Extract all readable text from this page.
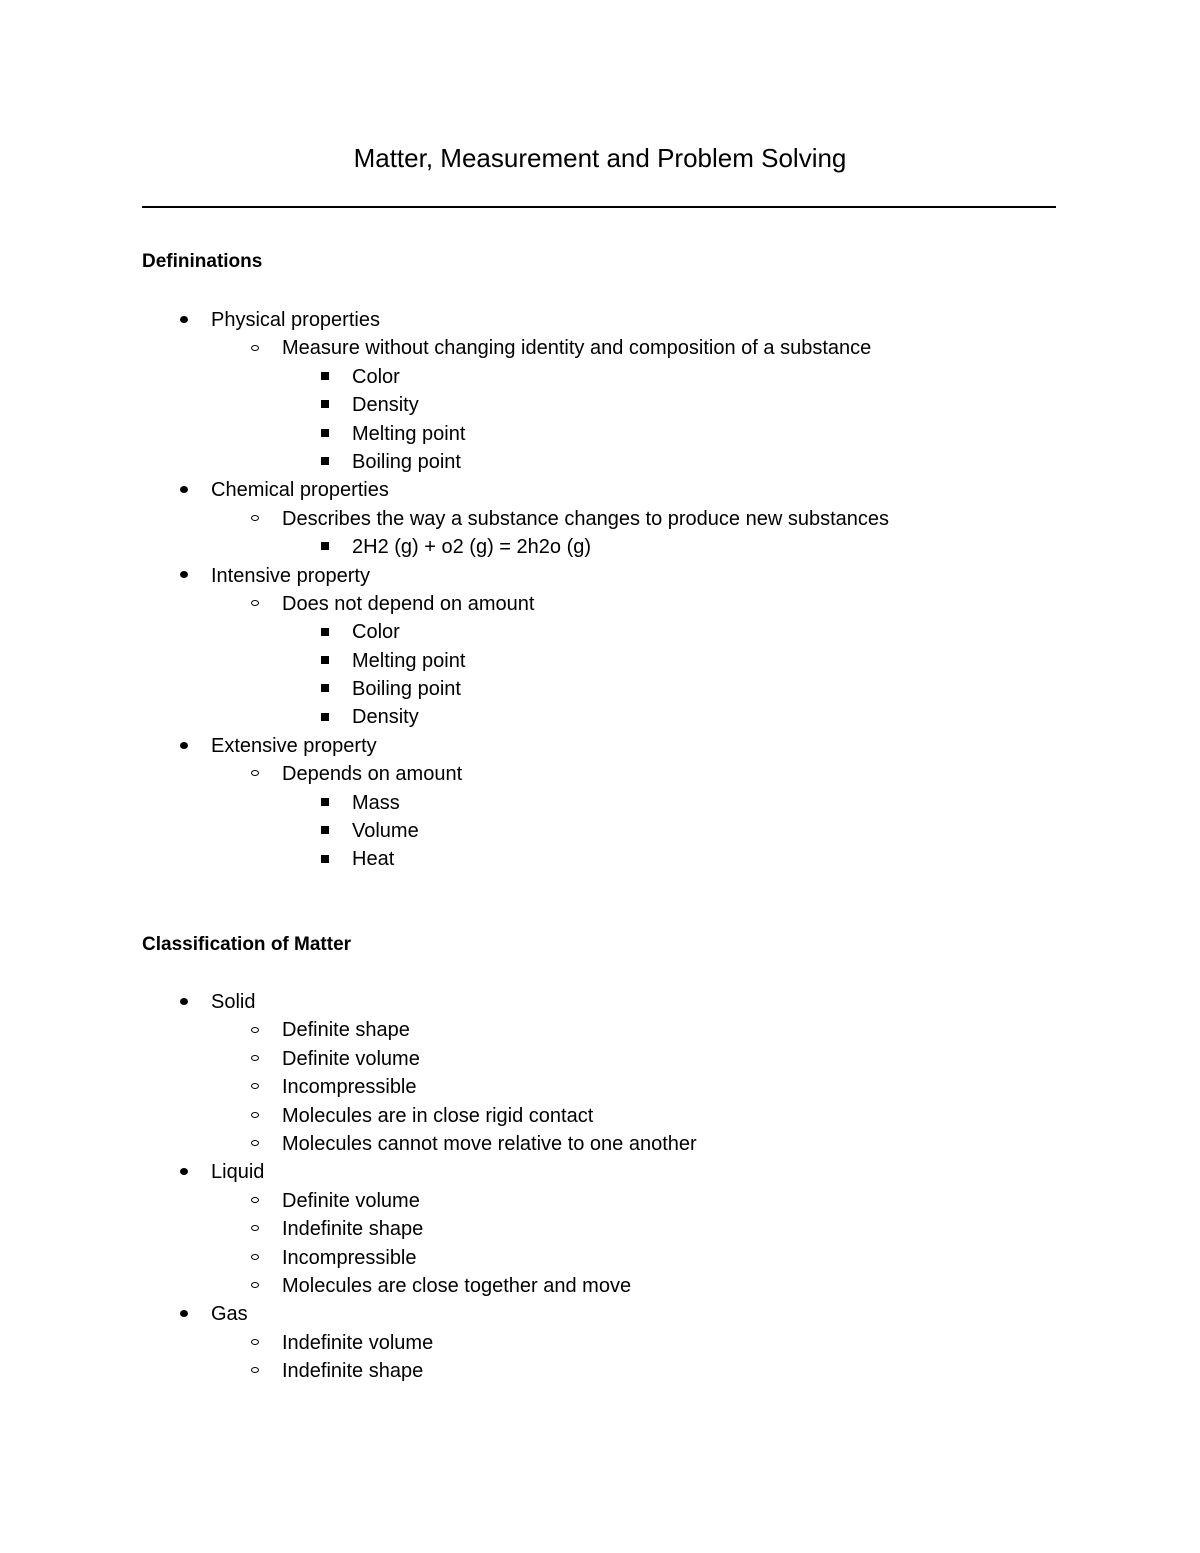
Matter, Measurement and Problem Solving
Defininations
Physical properties
Measure without changing identity and composition of a substance
Color
Density
Melting point
Boiling point
Chemical properties
Describes the way a substance changes to produce new substances
2H2 (g) + o2 (g) = 2h2o (g)
Intensive property
Does not depend on amount
Color
Melting point
Boiling point
Density
Extensive property
Depends on amount
Mass
Volume
Heat
Classification of Matter
Solid
Definite shape
Definite volume
Incompressible
Molecules are in close rigid contact
Molecules cannot move relative to one another
Liquid
Definite volume
Indefinite shape
Incompressible
Molecules are close together and move
Gas
Indefinite volume
Indefinite shape
